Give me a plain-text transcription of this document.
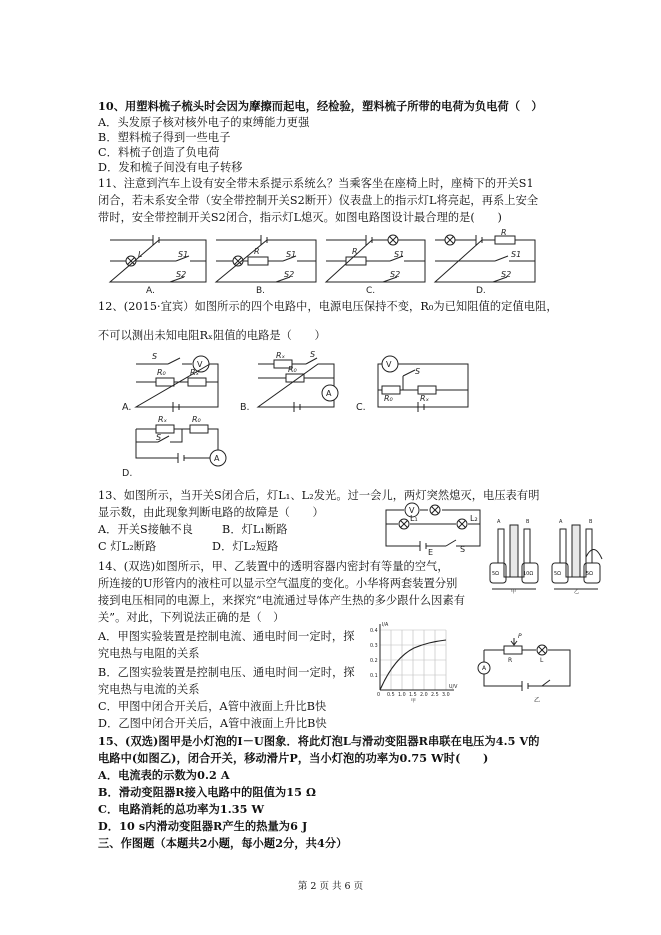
10、用塑料梳子梳头时会因为摩擦而起电，经检验，塑料梳子所带的电荷为负电荷（　）
A．头发原子核对核外电子的束缚能力更强
B．塑料梳子得到一些电子
C．料梳子创造了负电荷
D．发和梳子间没有电子转移
11、注意到汽车上设有安全带未系提示系统么？当乘客坐在座椅上时，座椅下的开关S1
闭合，若未系安全带（安全带控制开关S2断开）仪表盘上的指示灯L将亮起，再系上安全
带时，安全带控制开关S2闭合，指示灯L熄灭。如图电路图设计最合理的是(　　)
L	S1
S2
R	S1
S2
R	S1
S2
R
S1
S2
A.	B.	C.	D.
12、(2015·宜宾）如图所示的四个电路中，电源电压保持不变，R₀为已知阻值的定值电阻，
不可以测出未知电阻Rₓ阻值的电路是（　　）
S
V
R₀	Rₓ
Rₓ	S
R₀
A
V
S
R₀	Rₓ
Rₓ	R₀
S
A
A.	B.	C.
D.
13、如图所示，当开关S闭合后，灯L₁、L₂发光。过一会儿，两灯突然熄灭，电压表有明
显示数，由此现象判断电路的故障是（　　）
A．开关S接触不良	B．灯L₁断路
C 灯L₂断路	D．灯L₂短路
V
L₁	L₂
E	S
A	B	A	B
5Ω	10Ω	5Ω	5Ω
甲	乙
14、(双选)如图所示，甲、乙装置中的透明容器内密封有等量的空气，
所连接的U形管内的液柱可以显示空气温度的变化。小华将两套装置分别
接到电压相同的电源上，来探究“电流通过导体产生热的多少跟什么因素有
关”。对此，下列说法正确的是（　）
A．甲图实验装置是控制电流、通电时间一定时，探
究电热与电阻的关系
B．乙图实验装置是控制电压、通电时间一定时，探
究电热与电流的关系
C．甲图中闭合开关后，A管中液面上升比B快
D．乙图中闭合开关后，A管中液面上升比B快
I/A
U/V
0.4
0.3
0.2
0.1
0 0.5 1.0 1.5 2.0 2.5 3.0
甲
A
P
R	L
乙
15、(双选)图甲是小灯泡的I－U图象．将此灯泡L与滑动变阻器R串联在电压为4.5 V的
电路中(如图乙)，闭合开关，移动滑片P，当小灯泡的功率为0.75 W时(　　)
A．电流表的示数为0.2 A
B．滑动变阻器R接入电路中的阻值为15 Ω
C．电路消耗的总功率为1.35 W
D．10 s内滑动变阻器R产生的热量为6 J
三、作图题（本题共2小题，每小题2分，共4分）
第 2 页 共 6 页
